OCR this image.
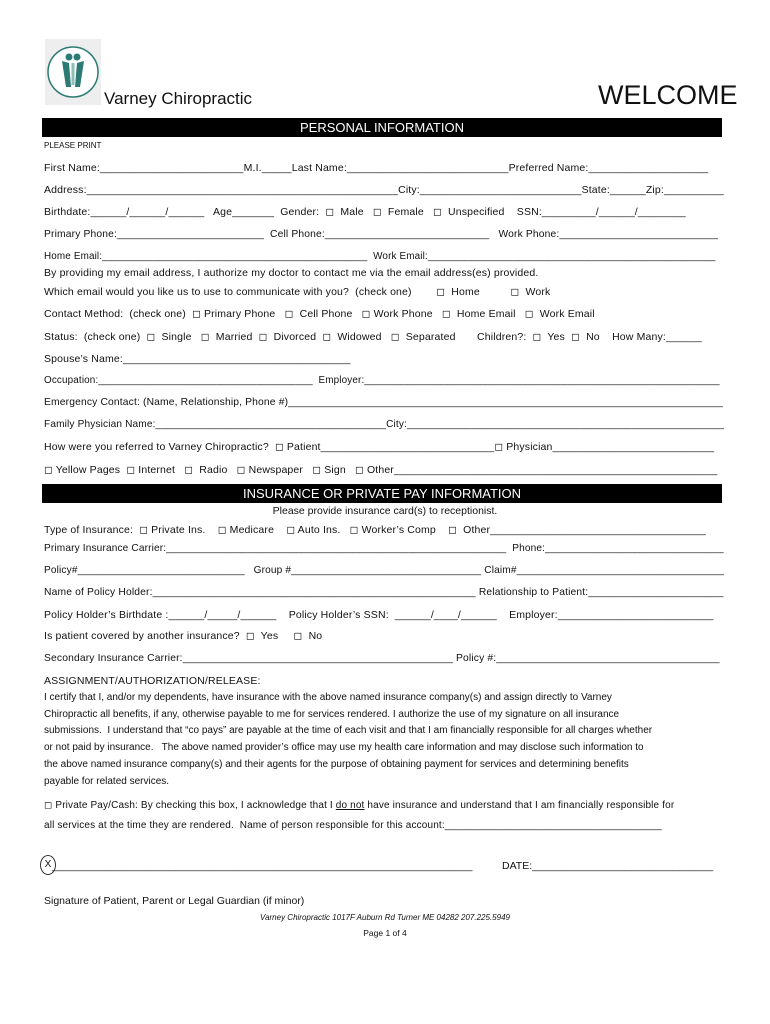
Varney Chiropractic	WELCOME
PERSONAL INFORMATION
PLEASE PRINT
First Name:________________________M.I._____Last Name:___________________________Preferred Name:____________________
Address:____________________________________________________City:___________________________State:______Zip:__________
Birthdate:______/______/______   Age_______  Gender:  ◻  Male   ◻  Female   ◻  Unspecified    SSN:_________/______/________
Primary Phone:_________________________  Cell Phone:____________________________   Work Phone:___________________________
Home Email:_______________________________________________  Work Email:___________________________________________________
By providing my email address, I authorize my doctor to contact me via the email address(es) provided.
Which email would you like us to use to communicate with you?  (check one)        ◻  Home          ◻  Work
Contact Method:  (check one)  ◻ Primary Phone   ◻  Cell Phone   ◻ Work Phone   ◻  Home Email   ◻  Work Email
Status:  (check one)  ◻  Single   ◻  Married  ◻  Divorced  ◻  Widowed   ◻  Separated       Children?:  ◻  Yes  ◻  No    How Many:______
Spouse’s Name:______________________________________
Occupation:______________________________________  Employer:_______________________________________________________________
Emergency Contact: (Name, Relationship, Phone #)__________________________________________________________________________
Family Physician Name:________________________________________City:_______________________________________________________
How were you referred to Varney Chiropractic?  ◻ Patient_____________________________◻ Physician___________________________
◻ Yellow Pages  ◻ Internet   ◻  Radio   ◻ Newspaper   ◻ Sign   ◻ Other______________________________________________________
INSURANCE OR PRIVATE PAY INFORMATION
Please provide insurance card(s) to receptionist.
Type of Insurance:  ◻ Private Ins.    ◻ Medicare    ◻ Auto Ins.   ◻ Worker’s Comp    ◻  Other____________________________________
Primary Insurance Carrier:___________________________________________________________  Phone:_______________________________
Policy#_____________________________   Group #_________________________________ Claim#____________________________________
Name of Policy Holder:_______________________________________________________ Relationship to Patient:_______________________
Policy Holder’s Birthdate :______/_____/______    Policy Holder’s SSN:  ______/____/______    Employer:__________________________
Is patient covered by another insurance?  ◻  Yes     ◻  No
Secondary Insurance Carrier:______________________________________________ Policy #:______________________________________
ASSIGNMENT/AUTHORIZATION/RELEASE:

I certify that I, and/or my dependents, have insurance with the above named insurance company(s) and assign directly to Varney

Chiropractic all benefits, if any, otherwise payable to me for services rendered. I authorize the use of my signature on all insurance

submissions.  I understand that “co pays” are payable at the time of each visit and that I am financially responsible for all charges whether

or not paid by insurance.   The above named provider’s office may use my health care information and may disclose such information to

the above named insurance company(s) and their agents for the purpose of obtaining payment for services and determining benefits

payable for related services.

◻ Private Pay/Cash: By checking this box, I acknowledge that I do not have insurance and understand that I am financially responsible for
all services at the time they are rendered.  Name of person responsible for this account:______________________________________
X ________________________________________________________________________	DATE:_______________________________
Signature of Patient, Parent or Legal Guardian (if minor)
Varney Chiropractic 1017F Auburn Rd Turner ME 04282 207.225.5949
Page 1 of 4
